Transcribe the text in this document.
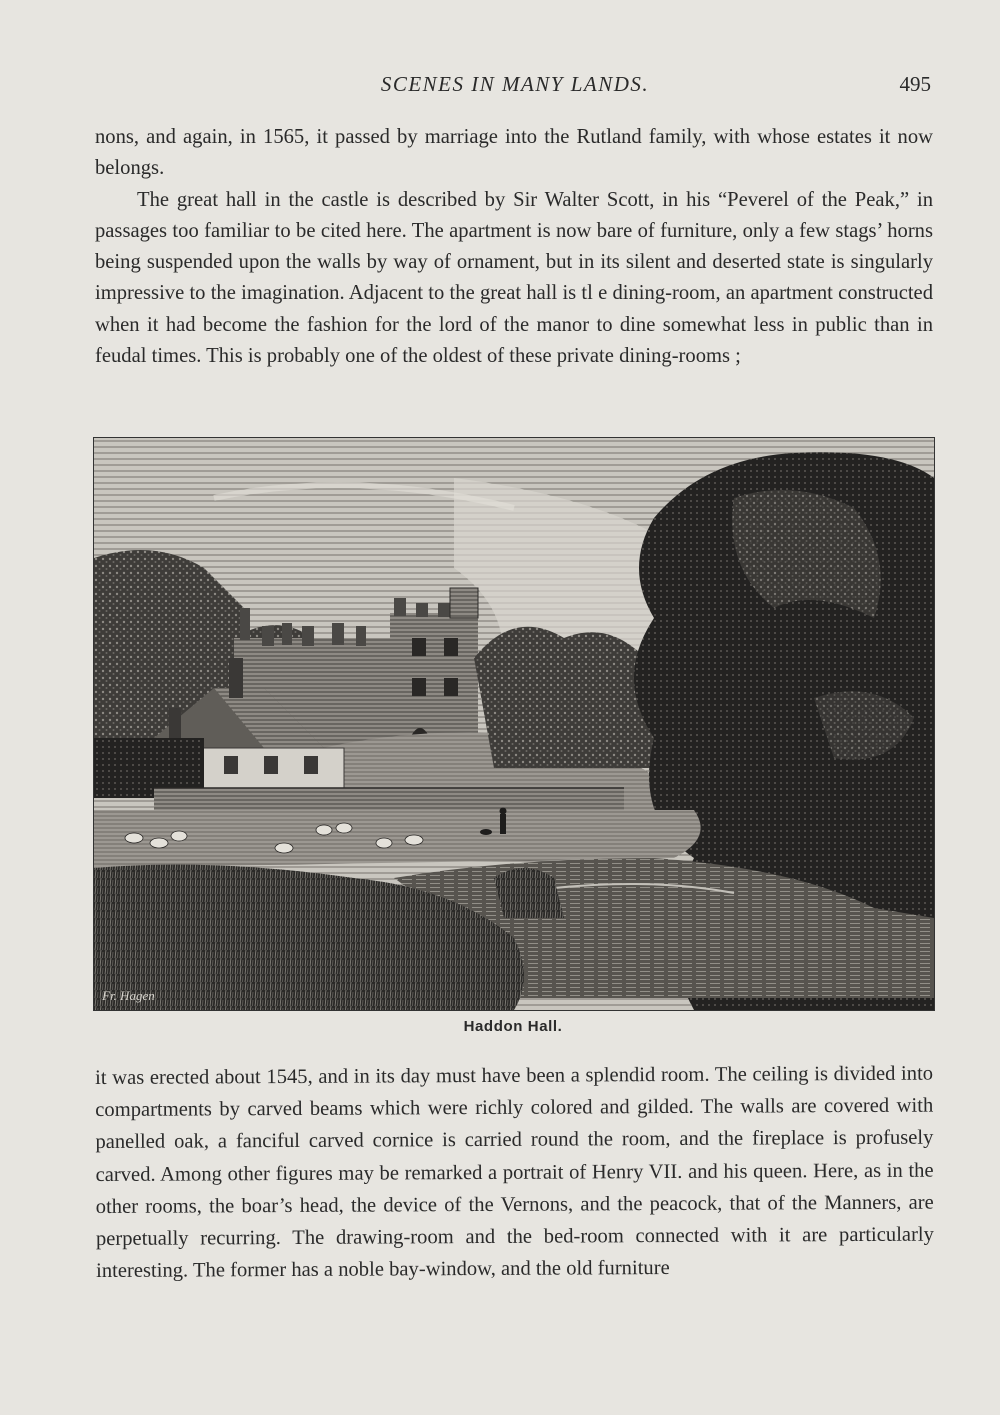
SCENES IN MANY LANDS.	495

nons, and again, in 1565, it passed by marriage into the Rutland family, with whose estates it now belongs.

The great hall in the castle is described by Sir Walter Scott, in his “Peverel of the Peak,” in passages too familiar to be cited here. The apartment is now bare of furniture, only a few stags’ horns being suspended upon the walls by way of ornament, but in its silent and deserted state is singularly impressive to the imagination. Adjacent to the great hall is tl e dining-room, an apartment constructed when it had become the fashion for the lord of the manor to dine somewhat less in public than in feudal times. This is probably one of the oldest of these private dining-rooms ;

Fr. Hagen
Haddon Hall.

it was erected about 1545, and in its day must have been a splendid room. The ceiling is divided into compartments by carved beams which were richly colored and gilded. The walls are covered with panelled oak, a fanciful carved cornice is carried round the room, and the fireplace is profusely carved. Among other figures may be remarked a portrait of Henry VII. and his queen. Here, as in the other rooms, the boar’s head, the device of the Vernons, and the peacock, that of the Manners, are perpetually recurring. The drawing-room and the bed-room connected with it are particularly interesting. The former has a noble bay-window, and the old furniture
